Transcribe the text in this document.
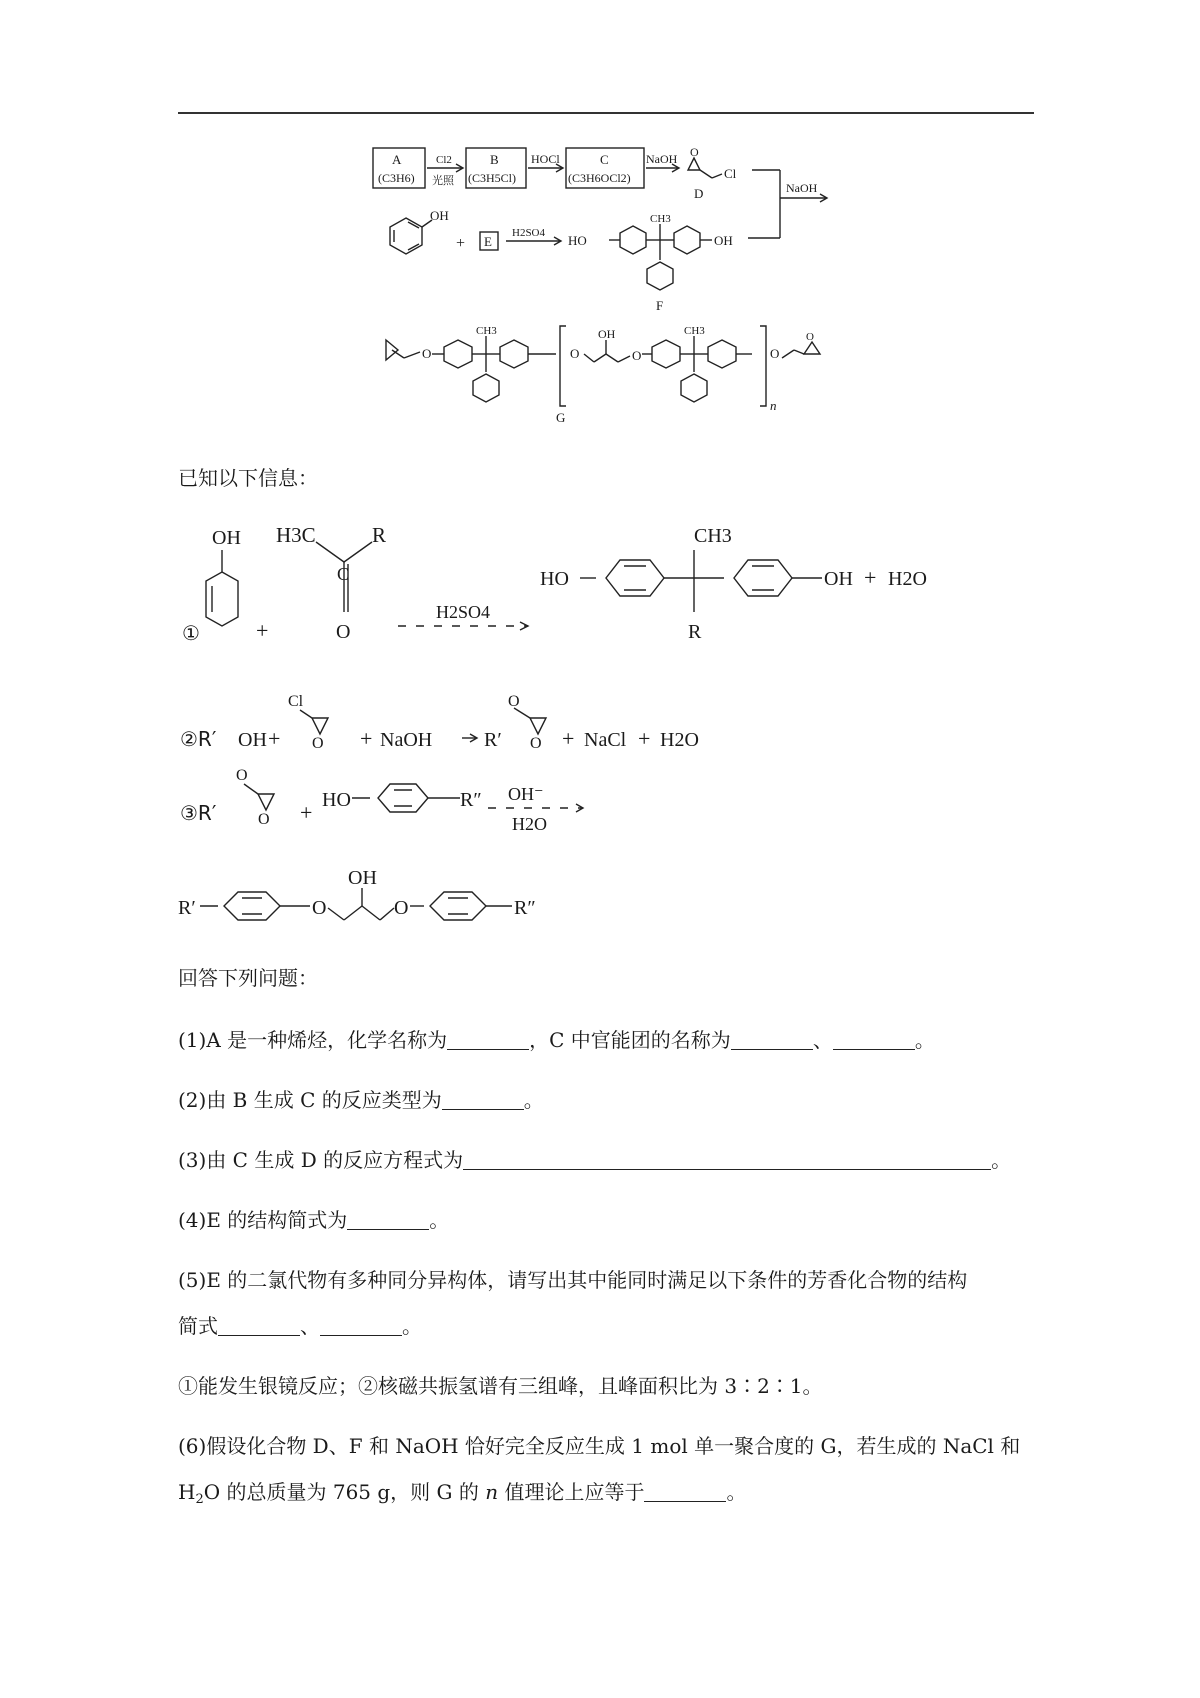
A
(C3H6)
B
(C3H5Cl)
C
(C3H6OCl2)
Cl2
光照
HOCl	NaOH O
Cl
D	NaOH
OH
+ E
H2SO4 HO
CH3
OH
F
O
CH3
O
OH
O
CH3
O
O
G
n
已知以下信息：
①
OH
+
H3C	R
C
O
H2SO4
HO
CH3
R
OH + H2O
②R′ OH +
Cl
O + NaOH	R′
O
O + NaCl + H2O
③R′
O
O + HO	R″ OH⁻
H2O
R′	O
OH
O	R″
回答下列问题：
(1)A 是一种烯烃，化学名称为	，C 中官能团的名称为	、	。
(2)由 B 生成 C 的反应类型为	。
(3)由 C 生成 D 的反应方程式为	。
(4)E 的结构简式为	。
(5)E 的二氯代物有多种同分异构体，请写出其中能同时满足以下条件的芳香化合物的结构
简式	、	。
①能发生银镜反应；②核磁共振氢谱有三组峰，且峰面积比为 3∶2∶1。
(6)假设化合物 D、F 和 NaOH 恰好完全反应生成 1 mol 单一聚合度的 G，若生成的 NaCl 和
$H_2O$ 的总质量为 765 g，则 G 的 n 值理论上应等于	。
